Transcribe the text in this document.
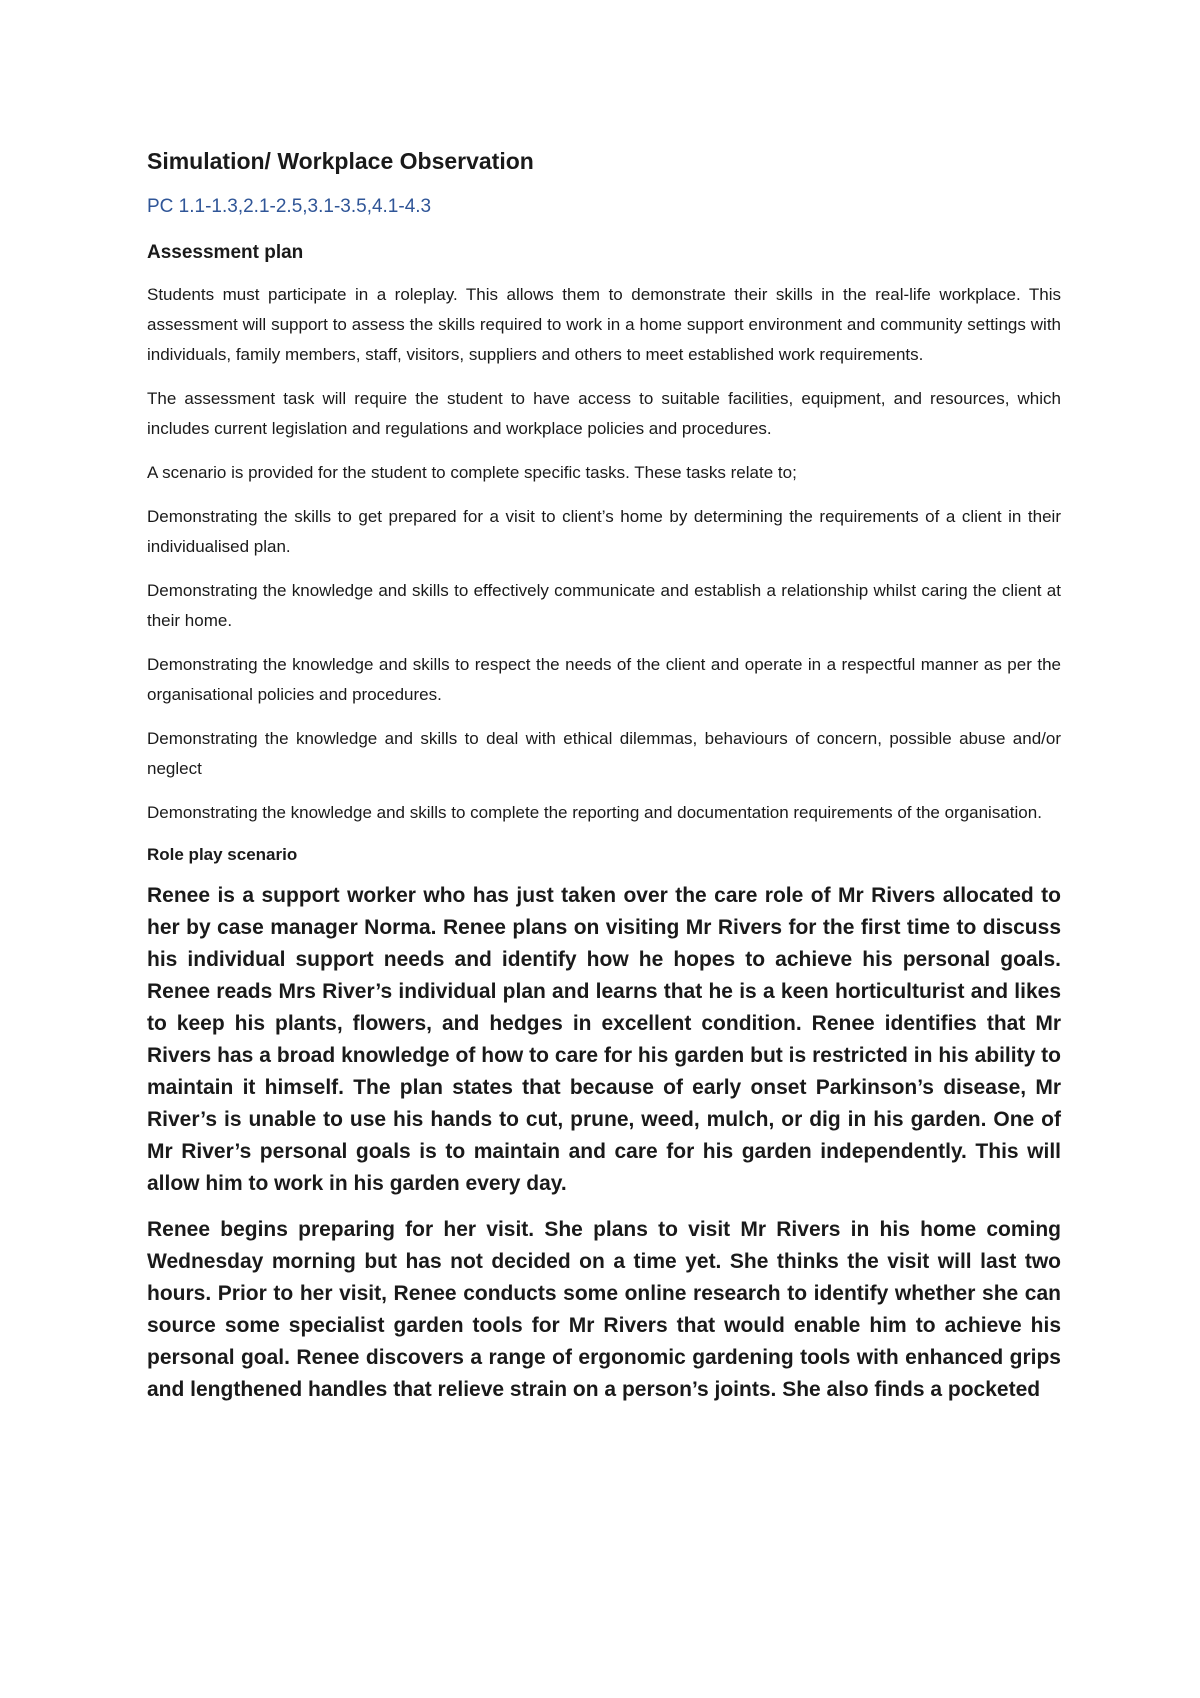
Simulation/ Workplace Observation

PC 1.1-1.3,2.1-2.5,3.1-3.5,4.1-4.3

Assessment plan

Students must participate in a roleplay. This allows them to demonstrate their skills in the real-life workplace. This assessment will support to assess the skills required to work in a home support environment and community settings with individuals, family members, staff, visitors, suppliers and others to meet established work requirements.

The assessment task will require the student to have access to suitable facilities, equipment, and resources, which includes current legislation and regulations and workplace policies and procedures.

A scenario is provided for the student to complete specific tasks. These tasks relate to;

Demonstrating the skills to get prepared for a visit to client’s home by determining the requirements of a client in their individualised plan.

Demonstrating the knowledge and skills to effectively communicate and establish a relationship whilst caring the client at their home.

Demonstrating the knowledge and skills to respect the needs of the client and operate in a respectful manner as per the organisational policies and procedures.

Demonstrating the knowledge and skills to deal with ethical dilemmas, behaviours of concern, possible abuse and/or neglect

Demonstrating the knowledge and skills to complete the reporting and documentation requirements of the organisation.

Role play scenario

Renee is a support worker who has just taken over the care role of Mr Rivers allocated to her by case manager Norma. Renee plans on visiting Mr Rivers for the first time to discuss his individual support needs and identify how he hopes to achieve his personal goals. Renee reads Mrs River’s individual plan and learns that he is a keen horticulturist and likes to keep his plants, flowers, and hedges in excellent condition. Renee identifies that Mr Rivers has a broad knowledge of how to care for his garden but is restricted in his ability to maintain it himself. The plan states that because of early onset Parkinson’s disease, Mr River’s is unable to use his hands to cut, prune, weed, mulch, or dig in his garden. One of Mr River’s personal goals is to maintain and care for his garden independently. This will allow him to work in his garden every day.

Renee begins preparing for her visit. She plans to visit Mr Rivers in his home coming Wednesday morning but has not decided on a time yet. She thinks the visit will last two hours. Prior to her visit, Renee conducts some online research to identify whether she can source some specialist garden tools for Mr Rivers that would enable him to achieve his personal goal. Renee discovers a range of ergonomic gardening tools with enhanced grips and lengthened handles that relieve strain on a person’s joints. She also finds a pocketed
